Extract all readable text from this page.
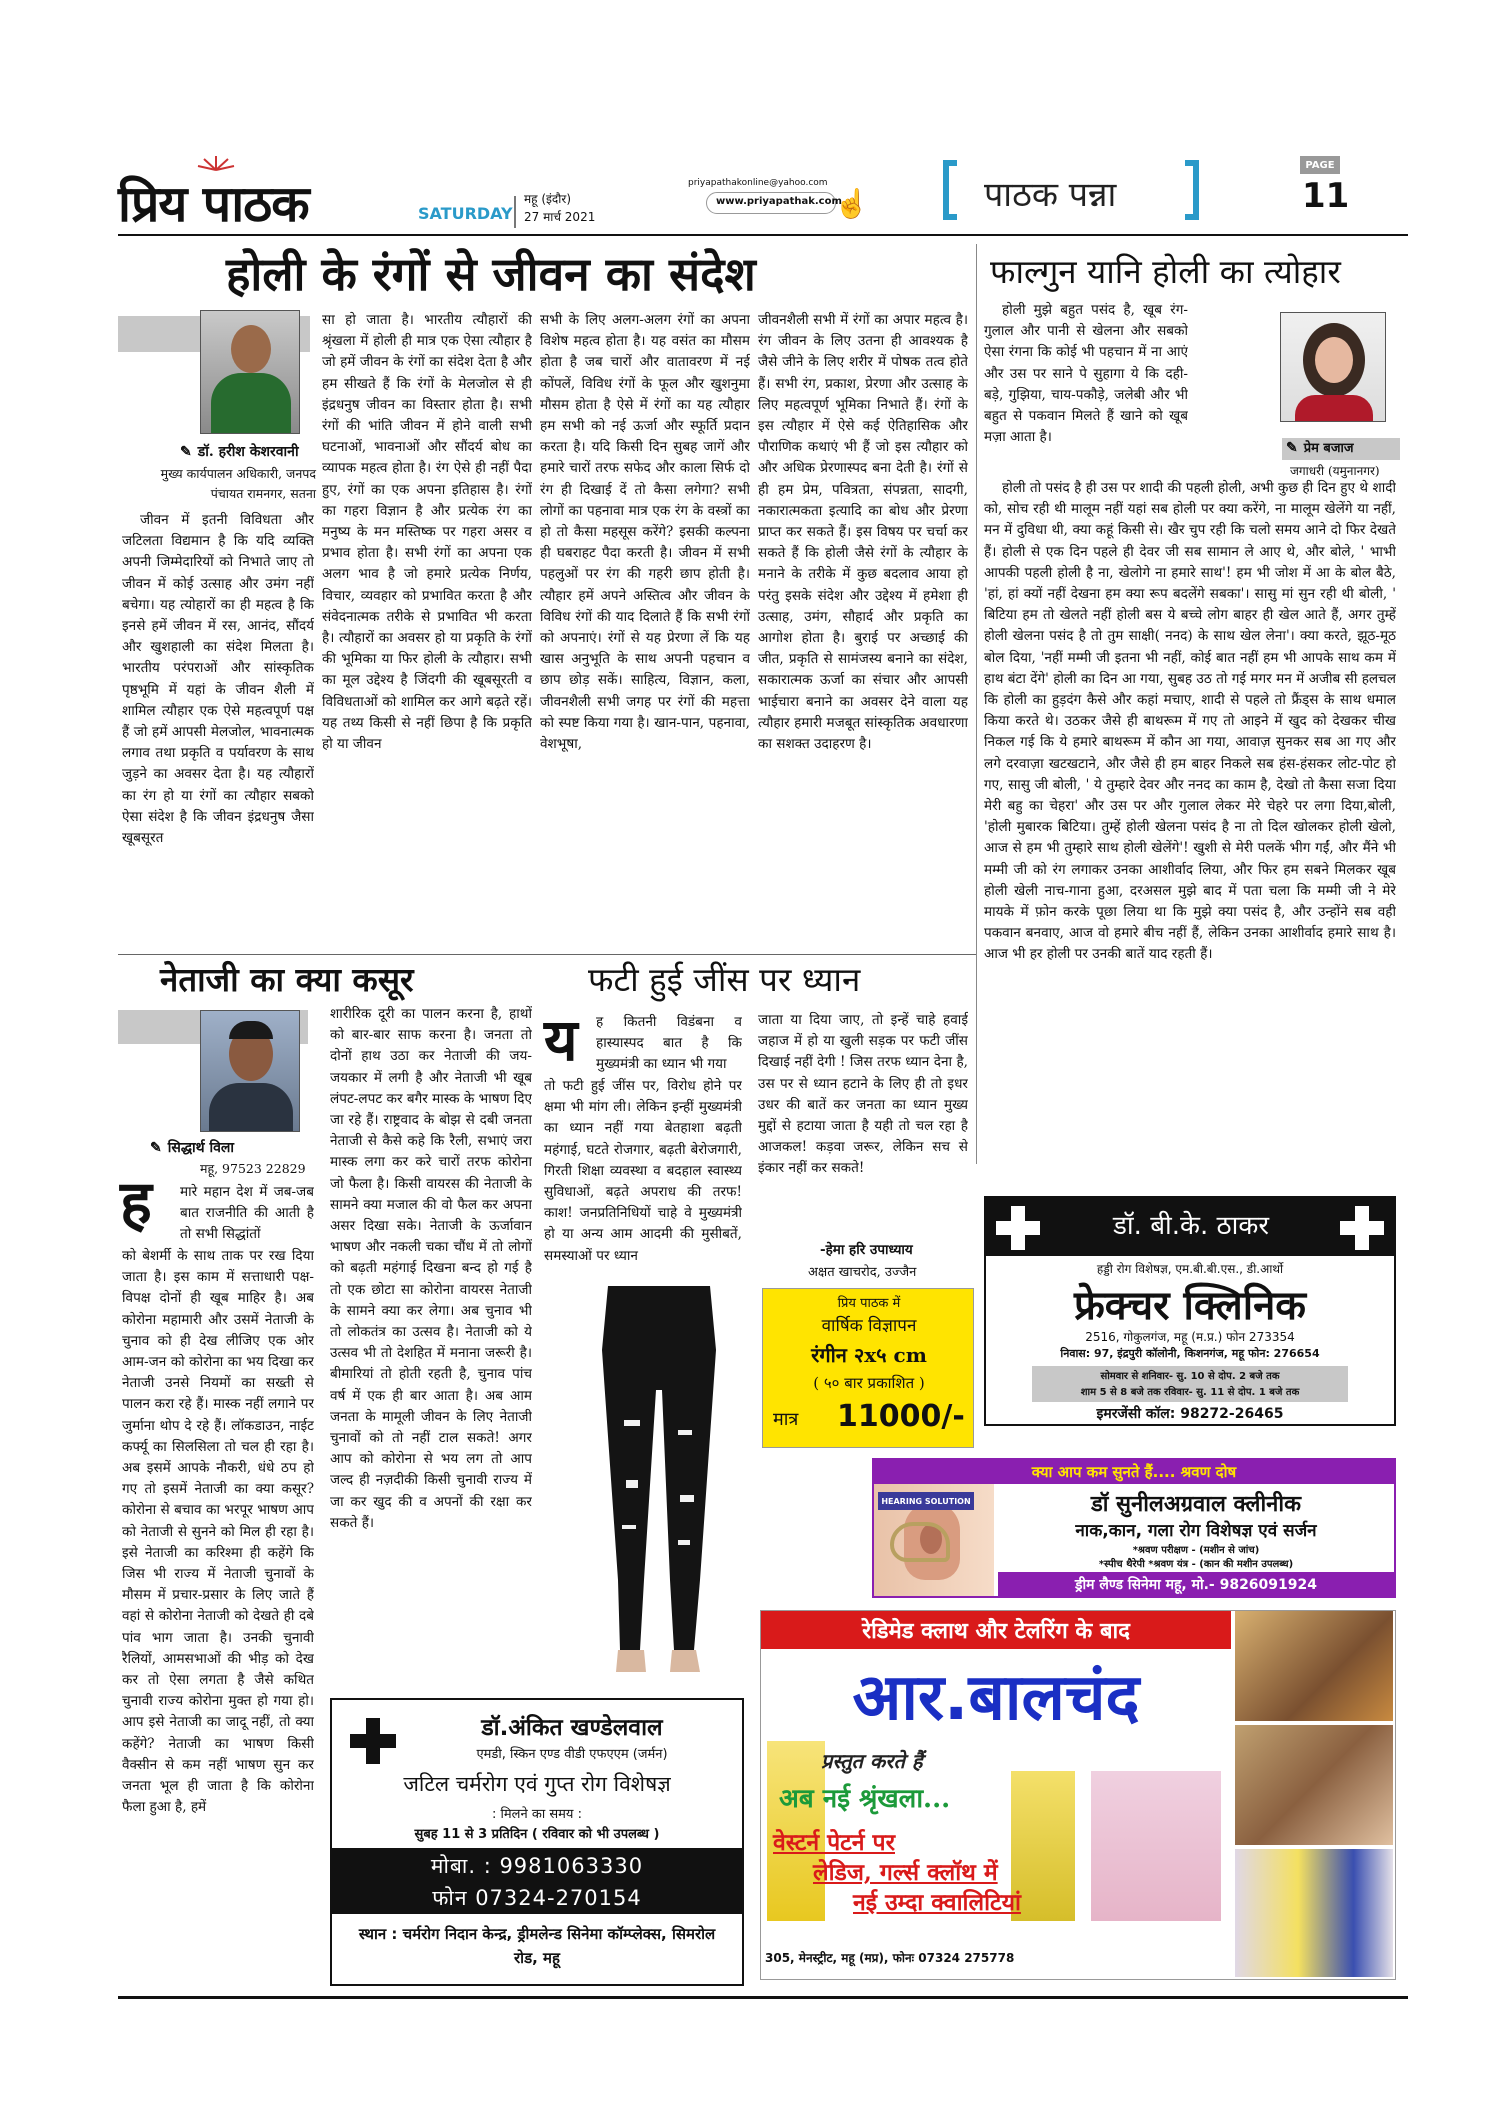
प्रिय पाठक	SATURDAY
महू (इंदौर)
27 मार्च 2021
priyapathakonline@yahoo.com
www.priyapathak.com
☝	पाठक पन्ना
PAGE
11
होली के रंगों से जीवन का संदेश
✎ डॉ. हरीश केशरवानी
मुख्य कार्यपालन अधिकारी, जनपद पंचायत रामनगर, सतना

जीवन में इतनी विविधता और जटिलता विद्यमान है कि यदि व्यक्ति अपनी जिम्मेदारियों को निभाते जाए तो जीवन में कोई उत्साह और उमंग नहीं बचेगा। यह त्योहारों का ही महत्व है कि इनसे हमें जीवन में रस, आनंद, सौंदर्य और खुशहाली का संदेश मिलता है। भारतीय परंपराओं और सांस्कृतिक पृष्ठभूमि में यहां के जीवन शैली में शामिल त्यौहार एक ऐसे महत्वपूर्ण पक्ष हैं जो हमें आपसी मेलजोल, भावनात्मक लगाव तथा प्रकृति व पर्यावरण के साथ जुड़ने का अवसर देता है। यह त्यौहारों का रंग हो या रंगों का त्यौहार सबको ऐसा संदेश है कि जीवन इंद्रधनुष जैसा खूबसूरत

सा हो जाता है। भारतीय त्यौहारों की श्रृंखला में होली ही मात्र एक ऐसा त्यौहार है जो हमें जीवन के रंगों का संदेश देता है और हम सीखते हैं कि रंगों के मेलजोल से ही इंद्रधनुष जीवन का विस्तार होता है। सभी रंगों की भांति जीवन में होने वाली सभी घटनाओं, भावनाओं और सौंदर्य बोध का व्यापक महत्व होता है। रंग ऐसे ही नहीं पैदा हुए, रंगों का एक अपना इतिहास है। रंगों का गहरा विज्ञान है और प्रत्येक रंग का मनुष्य के मन मस्तिष्क पर गहरा असर व प्रभाव होता है। सभी रंगों का अपना एक अलग भाव है जो हमारे प्रत्येक निर्णय, विचार, व्यवहार को प्रभावित करता है और संवेदनात्मक तरीके से प्रभावित भी करता है। त्यौहारों का अवसर हो या प्रकृति के रंगों की भूमिका या फिर होली के त्यौहार। सभी का मूल उद्देश्य है जिंदगी की खूबसूरती व विविधताओं को शामिल कर आगे बढ़ते रहें। यह तथ्य किसी से नहीं छिपा है कि प्रकृति हो या जीवन

सभी के लिए अलग-अलग रंगों का अपना विशेष महत्व होता है। यह वसंत का मौसम होता है जब चारों और वातावरण में नई कोंपलें, विविध रंगों के फूल और खुशनुमा मौसम होता है ऐसे में रंगों का यह त्यौहार हम सभी को नई ऊर्जा और स्फूर्ति प्रदान करता है। यदि किसी दिन सुबह जागें और हमारे चारों तरफ सफेद और काला सिर्फ दो रंग ही दिखाई दें तो कैसा लगेगा? सभी लोगों का पहनावा मात्र एक रंग के वस्त्रों का हो तो कैसा महसूस करेंगे? इसकी कल्पना ही घबराहट पैदा करती है। जीवन में सभी पहलुओं पर रंग की गहरी छाप होती है। त्यौहार हमें अपने अस्तित्व और जीवन के विविध रंगों की याद दिलाते हैं कि सभी रंगों को अपनाएं। रंगों से यह प्रेरणा लें कि यह खास अनुभूति के साथ अपनी पहचान व छाप छोड़ सकें। साहित्य, विज्ञान, कला, जीवनशैली सभी जगह पर रंगों की महत्ता को स्पष्ट किया गया है। खान-पान, पहनावा, वेशभूषा,

जीवनशैली सभी में रंगों का अपार महत्व है। रंग जीवन के लिए उतना ही आवश्यक है जैसे जीने के लिए शरीर में पोषक तत्व होते हैं। सभी रंग, प्रकाश, प्रेरणा और उत्साह के लिए महत्वपूर्ण भूमिका निभाते हैं। रंगों के इस त्यौहार में ऐसे कई ऐतिहासिक और पौराणिक कथाएं भी हैं जो इस त्यौहार को और अधिक प्रेरणास्पद बना देती है। रंगों से ही हम प्रेम, पवित्रता, संपन्नता, सादगी, नकारात्मकता इत्यादि का बोध और प्रेरणा प्राप्त कर सकते हैं। इस विषय पर चर्चा कर सकते हैं कि होली जैसे रंगों के त्यौहार के मनाने के तरीके में कुछ बदलाव आया हो परंतु इसके संदेश और उद्देश्य में हमेशा ही उत्साह, उमंग, सौहार्द और प्रकृति का आगोश होता है। बुराई पर अच्छाई की जीत, प्रकृति से सामंजस्य बनाने का संदेश, सकारात्मक ऊर्जा का संचार और आपसी भाईचारा बनाने का अवसर देने वाला यह त्यौहार हमारी मजबूत सांस्कृतिक अवधारणा का सशक्त उदाहरण है।

फाल्गुन यानि होली का त्योहार
✎ प्रेम बजाज
जगाधरी (यमुनानगर)

होली मुझे बहुत पसंद है, खूब रंग- गुलाल और पानी से खेलना और सबको ऐसा रंगना कि कोई भी पहचान में ना आएं और उस पर साने पे सुहागा ये कि दही-बड़े, गुझिया, चाय-पकौड़े, जलेबी और भी बहुत से पकवान मिलते हैं खाने को खूब मज़ा आता है।

होली तो पसंद है ही उस पर शादी की पहली होली, अभी कुछ ही दिन हुए थे शादी को, सोच रही थी मालूम नहीं यहां सब होली पर क्या करेंगे, ना मालूम खेलेंगे या नहीं, मन में दुविधा थी, क्या कहूं किसी से। खैर चुप रही कि चलो समय आने दो फिर देखते हैं। होली से एक दिन पहले ही देवर जी सब सामान ले आए थे, और बोले, ' भाभी आपकी पहली होली है ना, खेलोगे ना हमारे साथ'! हम भी जोश में आ के बोल बैठे, 'हां, हां क्यों नहीं देखना हम क्या रूप बदलेंगे सबका'। सासु मां सुन रही थी बोली, ' बिटिया हम तो खेलते नहीं होली बस ये बच्चे लोग बाहर ही खेल आते हैं, अगर तुम्हें होली खेलना पसंद है तो तुम साक्षी( ननद) के साथ खेल लेना'। क्या करते, झूठ-मूठ बोल दिया, 'नहीं मम्मी जी इतना भी नहीं, कोई बात नहीं हम भी आपके साथ कम में हाथ बंटा देंगे' होली का दिन आ गया, सुबह उठ तो गई मगर मन में अजीब सी हलचल कि होली का हुड़दंग कैसे और कहां मचाए, शादी से पहले तो फ्रैंड्स के साथ धमाल किया करते थे। उठकर जैसे ही बाथरूम में गए तो आइने में खुद को देखकर चीख निकल गई कि ये हमारे बाथरूम में कौन आ गया, आवाज़ सुनकर सब आ गए और लगे दरवाज़ा खटखटाने, और जैसे ही हम बाहर निकले सब हंस-हंसकर लोट-पोट हो गए, सासु जी बोली, ' ये तुम्हारे देवर और ननद का काम है, देखो तो कैसा सजा दिया मेरी बहु का चेहरा' और उस पर और गुलाल लेकर मेरे चेहरे पर लगा दिया,बोली, 'होली मुबारक बिटिया। तुम्हें होली खेलना पसंद है ना तो दिल खोलकर होली खेलो, आज से हम भी तुम्हारे साथ होली खेलेंगे'! खुशी से मेरी पलकें भीग गईं, और मैंने भी मम्मी जी को रंग लगाकर उनका आशीर्वाद लिया, और फिर हम सबने मिलकर खूब होली खेली नाच-गाना हुआ, दरअसल मुझे बाद में पता चला कि मम्मी जी ने मेरे मायके में फ़ोन करके पूछा लिया था कि मुझे क्या पसंद है, और उन्होंने सब वही पकवान बनवाए, आज वो हमारे बीच नहीं हैं, लेकिन उनका आशीर्वाद हमारे साथ है। आज भी हर होली पर उनकी बातें याद रहती हैं।

नेताजी का क्या कसूर
✎ सिद्धार्थ विला
महू, 97523 22829
ह मारे महान देश में जब-जब बात राजनीति की आती है तो सभी सिद्धांतों

को बेशर्मी के साथ ताक पर रख दिया जाता है। इस काम में सत्ताधारी पक्ष-विपक्ष दोनों ही खूब माहिर है। अब कोरोना महामारी और उसमें नेताजी के चुनाव को ही देख लीजिए एक ओर आम-जन को कोरोना का भय दिखा कर नेताजी उनसे नियमों का सख्ती से पालन करा रहे हैं। मास्क नहीं लगाने पर जुर्माना थोप दे रहे हैं। लॉकडाउन, नाईट कर्फ्यू का सिलसिला तो चल ही रहा है। अब इसमें आपके नौकरी, धंधे ठप हो गए तो इसमें नेताजी का क्या कसूर? कोरोना से बचाव का भरपूर भाषण आप को नेताजी से सुनने को मिल ही रहा है। इसे नेताजी का करिश्मा ही कहेंगे कि जिस भी राज्य में नेताजी चुनावों के मौसम में प्रचार-प्रसार के लिए जाते हैं वहां से कोरोना नेताजी को देखते ही दबे पांव भाग जाता है। उनकी चुनावी रैलियों, आमसभाओं की भीड़ को देख कर तो ऐसा लगता है जैसे कथित चुनावी राज्य कोरोना मुक्त हो गया हो। आप इसे नेताजी का जादू नहीं, तो क्या कहेंगे? नेताजी का भाषण किसी वैक्सीन से कम नहीं भाषण सुन कर जनता भूल ही जाता है कि कोरोना फैला हुआ है, हमें

शारीरिक दूरी का पालन करना है, हाथों को बार-बार साफ करना है। जनता तो दोनों हाथ उठा कर नेताजी की जय-जयकार में लगी है और नेताजी भी खूब लंपट-लपट कर बगैर मास्क के भाषण दिए जा रहे हैं। राष्ट्रवाद के बोझ से दबी जनता नेताजी से कैसे कहे कि रैली, सभाएं जरा मास्क लगा कर करे चारों तरफ कोरोना जो फैला है। किसी वायरस की नेताजी के सामने क्या मजाल की वो फैल कर अपना असर दिखा सके। नेताजी के ऊर्जावान भाषण और नकली चका चौंध में तो लोगों को बढ़ती महंगाई दिखना बन्द हो गई है तो एक छोटा सा कोरोना वायरस नेताजी के सामने क्या कर लेगा। अब चुनाव भी तो लोकतंत्र का उत्सव है। नेताजी को ये उत्सव भी तो देशहित में मनाना जरूरी है। बीमारियां तो होती रहती है, चुनाव पांच वर्ष में एक ही बार आता है। अब आम जनता के मामूली जीवन के लिए नेताजी चुनावों को तो नहीं टाल सकते! अगर आप को कोरोना से भय लग तो आप जल्द ही नज़दीकी किसी चुनावी राज्य में जा कर खुद की व अपनों की रक्षा कर सकते हैं।

फटी हुई जींस पर ध्यान
य ह कितनी विडंबना व हास्यास्पद बात है कि मुख्यमंत्री का ध्यान भी गया

तो फटी हुई जींस पर, विरोध होने पर क्षमा भी मांग ली। लेकिन इन्हीं मुख्यमंत्री का ध्यान नहीं गया बेतहाशा बढ़ती महंगाई, घटते रोजगार, बढ़ती बेरोजगारी, गिरती शिक्षा व्यवस्था व बदहाल स्वास्थ्य सुविधाओं, बढ़ते अपराध की तरफ! काश! जनप्रतिनिधियों चाहे वे मुख्यमंत्री हो या अन्य आम आदमी की मुसीबतें, समस्याओं पर ध्यान

जाता या दिया जाए, तो इन्हें चाहे हवाई जहाज में हो या खुली सड़क पर फटी जींस दिखाई नहीं देगी ! जिस तरफ ध्यान देना है, उस पर से ध्यान हटाने के लिए ही तो इधर उधर की बातें कर जनता का ध्यान मुख्य मुद्दों से हटाया जाता है यही तो चल रहा है आजकल! कड़वा जरूर, लेकिन सच से इंकार नहीं कर सकते!

-हेमा हरि उपाध्याय
अक्षत खाचरोद, उज्जैन
प्रिय पाठक में
वार्षिक विज्ञापन
रंगीन २x५ cm
( ५० बार प्रकाशित )
मात्र 11000/-
डॉ. बी.के. ठाकर
हड्डी रोग विशेषज्ञ, एम.बी.बी.एस., डी.आर्थो
फ्रेक्चर क्लिनिक
2516, गोकुलगंज, महू (म.प्र.) फोन 273354
निवास: 97, इंद्रपुरी कॉलोनी, किशनगंज, महू फोन: 276654
सोमवार से शनिवार- सु. 10 से दोप. 2 बजे तक
शाम 5 से 8 बजे तक रविवार- सु. 11 से दोप. 1 बजे तक
इमरजेंसी कॉल: 98272-26465
क्या आप कम सुनते हैं.... श्रवण दोष
HEARING SOLUTION	डॉ सुनीलअग्रवाल क्लीनीक
नाक,कान, गला रोग विशेषज्ञ एवं सर्जन
*श्रवण परीक्षण - (मशीन से जांच)
*स्पीच थैरेपी *श्रवण यंत्र - (कान की मशीन उपलब्ध)
ड्रीम लैण्ड सिनेमा महू, मो.- 9826091924
रेडिमेड क्लाथ और टेलरिंग के बाद
आर.बालचंद
प्रस्तुत करते हैं
अब नई श्रृंखला...
वेस्टर्न पेटर्न पर
लेडिज, गर्ल्स क्लॉथ में
नई उम्दा क्वालिटियां
305, मेनस्ट्रीट, महू (मप्र), फोनः 07324 275778
डॉ.अंकित खण्डेलवाल
एमडी, स्किन एण्ड वीडी एफएएम (जर्मन)
जटिल चर्मरोग एवं गुप्त रोग विशेषज्ञ
: मिलने का समय :
सुबह 11 से 3 प्रतिदिन ( रविवार को भी उपलब्ध )
मोबा. : 9981063330
फोन 07324-270154
स्थान : चर्मरोग निदान केन्द्र, ड्रीमलेन्ड सिनेमा कॉम्प्लेक्स, सिमरोल रोड, महू
